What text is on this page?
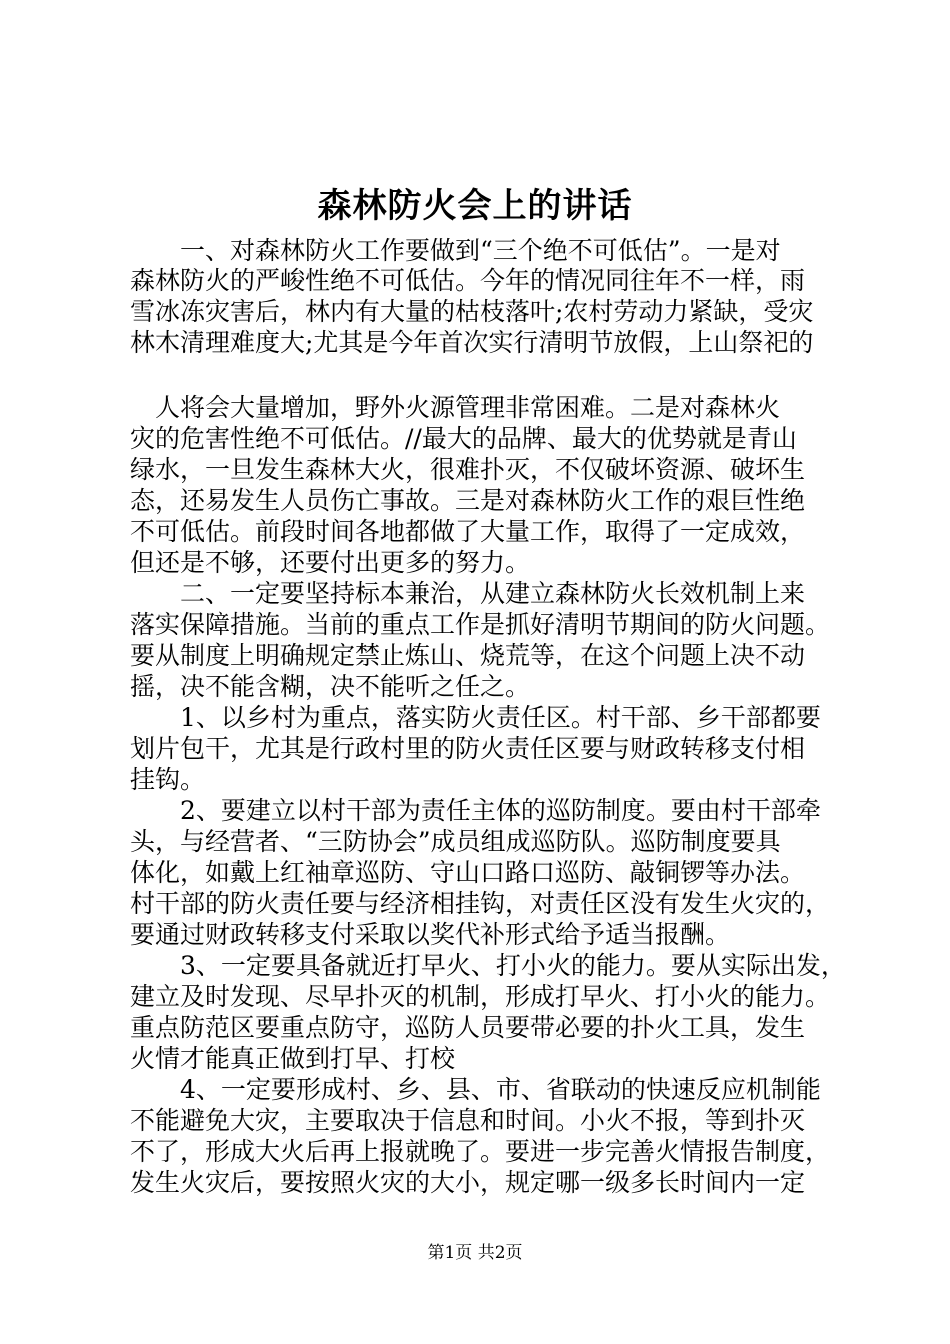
森林防火会上的讲话
　　一、对森林防火工作要做到“三个绝不可低估”。一是对
森林防火的严峻性绝不可低估。今年的情况同往年不一样，雨
雪冰冻灾害后，林内有大量的枯枝落叶;农村劳动力紧缺，受灾
林木清理难度大;尤其是今年首次实行清明节放假，上山祭祀的
　人将会大量增加，野外火源管理非常困难。二是对森林火
灾的危害性绝不可低估。//最大的品牌、最大的优势就是青山
绿水，一旦发生森林大火，很难扑灭，不仅破坏资源、破坏生
态，还易发生人员伤亡事故。三是对森林防火工作的艰巨性绝
不可低估。前段时间各地都做了大量工作，取得了一定成效，
但还是不够，还要付出更多的努力。
　　二、一定要坚持标本兼治，从建立森林防火长效机制上来
落实保障措施。当前的重点工作是抓好清明节期间的防火问题。
要从制度上明确规定禁止炼山、烧荒等，在这个问题上决不动
摇，决不能含糊，决不能听之任之。
　　1、以乡村为重点，落实防火责任区。村干部、乡干部都要
划片包干，尤其是行政村里的防火责任区要与财政转移支付相
挂钩。
　　2、要建立以村干部为责任主体的巡防制度。要由村干部牵
头，与经营者、“三防协会”成员组成巡防队。巡防制度要具
体化，如戴上红袖章巡防、守山口路口巡防、敲铜锣等办法。
村干部的防火责任要与经济相挂钩，对责任区没有发生火灾的，
要通过财政转移支付采取以奖代补形式给予适当报酬。
　　3、一定要具备就近打早火、打小火的能力。要从实际出发，
建立及时发现、尽早扑灭的机制，形成打早火、打小火的能力。
重点防范区要重点防守，巡防人员要带必要的扑火工具，发生
火情才能真正做到打早、打校
　　4、一定要形成村、乡、县、市、省联动的快速反应机制能
不能避免大灾，主要取决于信息和时间。小火不报，等到扑灭
不了，形成大火后再上报就晚了。要进一步完善火情报告制度，
发生火灾后，要按照火灾的大小，规定哪一级多长时间内一定
第1页 共2页
